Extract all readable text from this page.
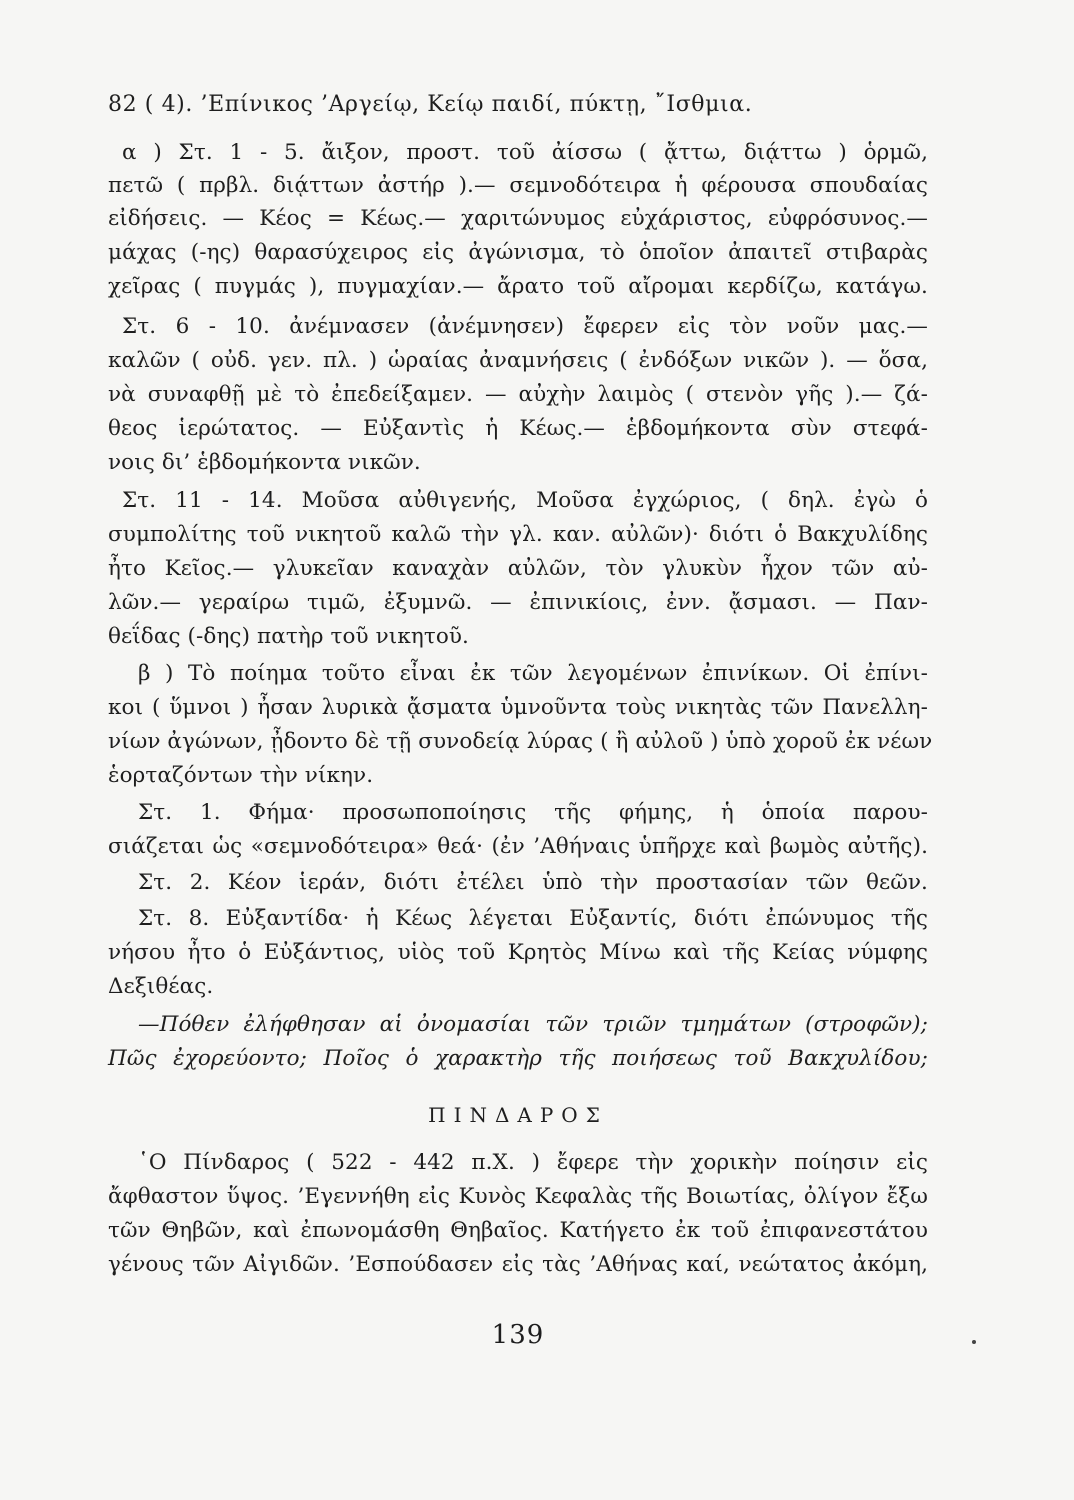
82 ( 4). ’Επίνικος ’Αργείῳ, Κείῳ παιδί, πύκτῃ, ῎Ισθμια.
α ) Στ. 1 - 5. ἄιξον, προστ. τοῦ ἀίσσω ( ᾄττω, διᾴττω ) ὁρμῶ,
πετῶ ( πρβλ. διᾴττων ἀστήρ ).— σεμνοδότειρα ἡ φέρουσα σπουδαίας
εἰδήσεις. — Κέος = Κέως.— χαριτώνυμος εὐχάριστος, εὐφρόσυνος.—
μάχας (-ης) θαρασύχειρος εἰς ἀγώνισμα, τὸ ὁποῖον ἀπαιτεῖ στιβαρὰς
χεῖρας ( πυγμάς ), πυγμαχίαν.— ἄρατο τοῦ αἴρομαι κερδίζω, κατάγω.
Στ. 6 - 10. ἀνέμνασεν (ἀνέμνησεν) ἔφερεν εἰς τὸν νοῦν μας.—
καλῶν ( οὐδ. γεν. πλ. ) ὡραίας ἀναμνήσεις ( ἐνδόξων νικῶν ). — ὅσα,
νὰ συναφθῇ μὲ τὸ ἐπεδείξαμεν. — αὐχὴν λαιμὸς ( στενὸν γῆς ).— ζά-
θεος ἱερώτατος. — Εὐξαντὶς ἡ Κέως.— ἑβδομήκοντα σὺν στεφά-
νοις δι’ ἑβδομήκοντα νικῶν.
Στ. 11 - 14. Μοῦσα αὐθιγενής, Μοῦσα ἐγχώριος, ( δηλ. ἐγὼ ὁ
συμπολίτης τοῦ νικητοῦ καλῶ τὴν γλ. καν. αὐλῶν)· διότι ὁ Βακχυλίδης
ἦτο Κεῖος.— γλυκεῖαν καναχὰν αὐλῶν, τὸν γλυκὺν ἦχον τῶν αὐ-
λῶν.— γεραίρω τιμῶ, ἐξυμνῶ. — ἐπινικίοις, ἐνν. ᾄσμασι. — Παν-
θεΐδας (-δης) πατὴρ τοῦ νικητοῦ.
β ) Τὸ ποίημα τοῦτο εἶναι ἐκ τῶν λεγομένων ἐπινίκων. Οἱ ἐπίνι-
κοι ( ὕμνοι ) ἦσαν λυρικὰ ᾄσματα ὑμνοῦντα τοὺς νικητὰς τῶν Πανελλη-
νίων ἀγώνων, ᾖδοντο δὲ τῇ συνοδείᾳ λύρας ( ἢ αὐλοῦ ) ὑπὸ χοροῦ ἐκ νέων
ἑορταζόντων τὴν νίκην.
Στ. 1. Φήμα· προσωποποίησις τῆς φήμης, ἡ ὁποία παρου-
σιάζεται ὡς «σεμνοδότειρα» θεά· (ἐν ’Αθήναις ὑπῆρχε καὶ βωμὸς αὐτῆς).
Στ. 2. Κέον ἱεράν, διότι ἐτέλει ὑπὸ τὴν προστασίαν τῶν θεῶν.
Στ. 8. Εὐξαντίδα· ἡ Κέως λέγεται Εὐξαντίς, διότι ἐπώνυμος τῆς
νήσου ἦτο ὁ Εὐξάντιος, υἱὸς τοῦ Κρητὸς Μίνω καὶ τῆς Κείας νύμφης
Δεξιθέας.
—Πόθεν ἐλήφθησαν αἱ ὀνομασίαι τῶν τριῶν τμημάτων (στροφῶν);
Πῶς ἐχορεύοντο; Ποῖος ὁ χαρακτὴρ τῆς ποιήσεως τοῦ Βακχυλίδου;
ΠΙΝΔΑΡΟΣ
῾Ο Πίνδαρος ( 522 - 442 π.Χ. ) ἔφερε τὴν χορικὴν ποίησιν εἰς
ἄφθαστον ὕψος. ’Εγεννήθη εἰς Κυνὸς Κεφαλὰς τῆς Βοιωτίας, ὀλίγον ἔξω
τῶν Θηβῶν, καὶ ἐπωνομάσθη Θηβαῖος. Κατήγετο ἐκ τοῦ ἐπιφανεστάτου
γένους τῶν Αἰγιδῶν. ’Εσπούδασεν εἰς τὰς ’Αθήνας καί, νεώτατος ἀκόμη,
139
